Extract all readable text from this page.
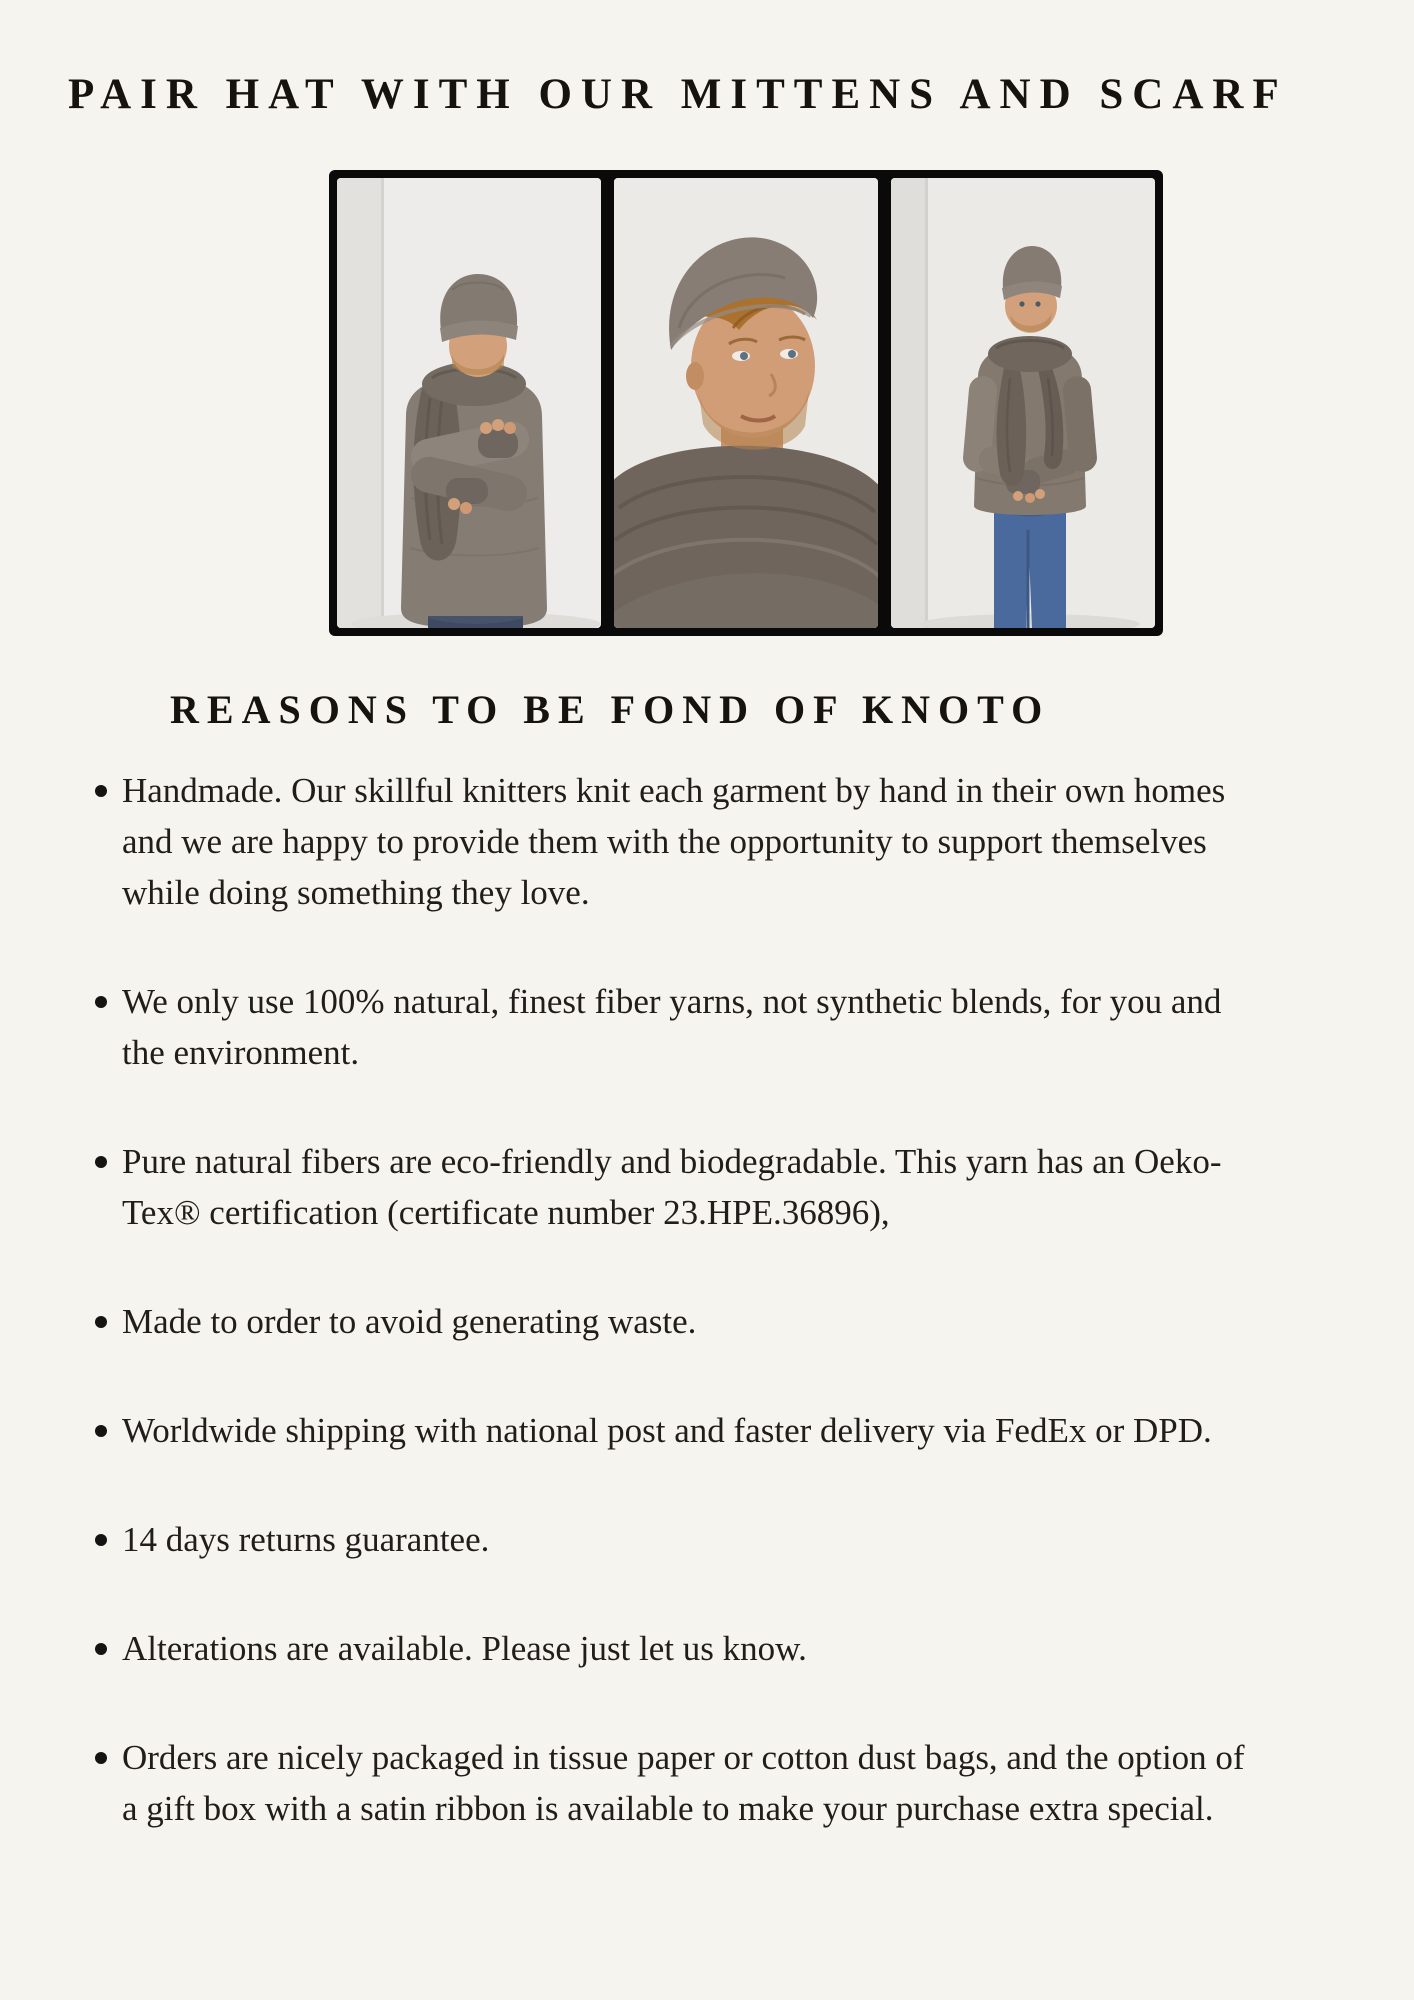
PAIR HAT WITH OUR MITTENS AND SCARF
REASONS TO BE FOND OF KNOTO
Handmade. Our skillful knitters knit each garment by hand in their own homes and we are happy to provide them with the opportunity to support themselves while doing something they love.
We only use 100% natural, finest fiber yarns, not synthetic blends, for you and the environment.
Pure natural fibers are eco-friendly and biodegradable. This yarn has an Oeko-Tex® certification (certificate number 23.HPE.36896),
Made to order to avoid generating waste.
Worldwide shipping with national post and faster delivery via FedEx or DPD.
14 days returns guarantee.
Alterations are available. Please just let us know.
Orders are nicely packaged in tissue paper or cotton dust bags, and the option of a gift box with a satin ribbon is available to make your purchase extra special.
